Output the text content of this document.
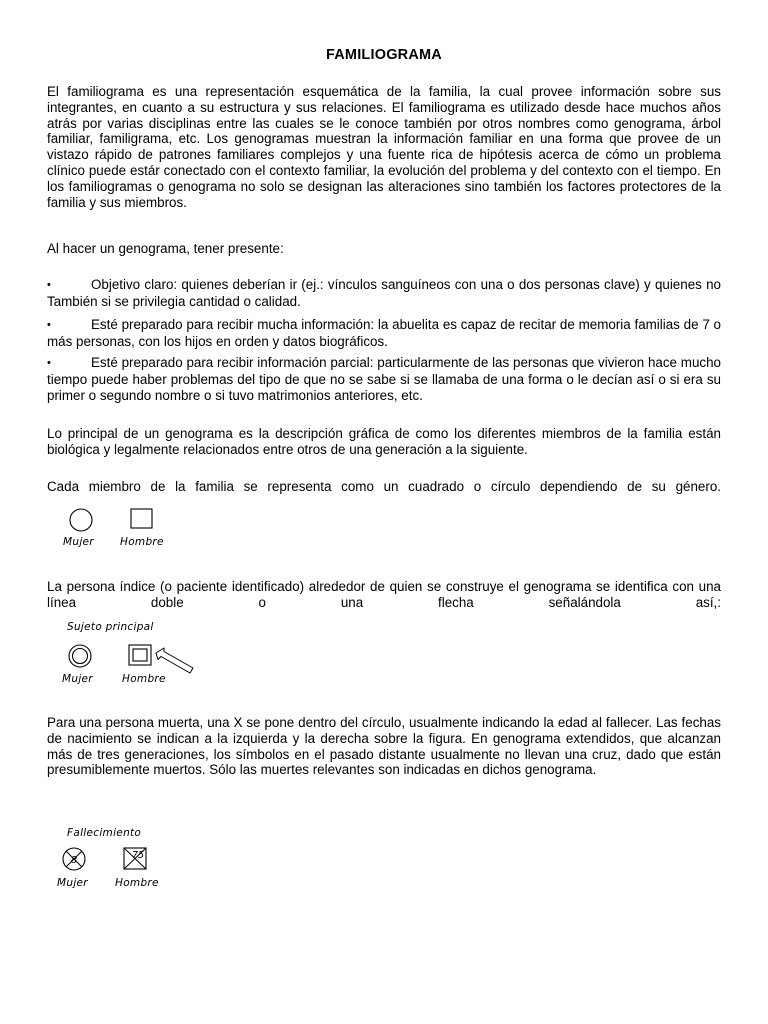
FAMILIOGRAMA

El familiograma es una representación esquemática de la familia, la cual provee información sobre sus integrantes, en cuanto a su estructura y sus relaciones. El familiograma es utilizado desde hace muchos años atrás por varias disciplinas entre las cuales se le conoce también por otros nombres como genograma, árbol familiar, familigrama, etc. Los genogramas muestran la información familiar en una forma que provee de un vistazo rápido de patrones familiares complejos y una fuente rica de hipótesis acerca de cómo un problema clínico puede estár conectado con el contexto familiar, la evolución del problema y del contexto con el tiempo. En los familiogramas o genograma no solo se designan las alteraciones sino también los factores protectores de la familia y sus miembros.

Al hacer un genograma, tener presente:

•	Objetivo claro: quienes deberían ir (ej.: vínculos sanguíneos con una o dos personas clave) y quienes no También si se privilegia cantidad o calidad.
•	Esté preparado para recibir mucha información: la abuelita es capaz de recitar de memoria familias de 7 o más personas, con los hijos en orden y datos biográficos.
•	Esté preparado para recibir información parcial: particularmente de las personas que vivieron hace mucho tiempo puede haber problemas del tipo de que no se sabe si se llamaba de una forma o le decían así o si era su primer o segundo nombre o si tuvo matrimonios anteriores, etc.

Lo principal de un genograma es la descripción gráfica de como los diferentes miembros de la familia están biológica y legalmente relacionados entre otros de una generación a la siguiente.

Cada miembro de la familia se representa como un cuadrado o círculo dependiendo de su género.

Mujer Hombre

La persona índice (o paciente identificado) alrededor de quien se construye el genograma se identifica con una línea doble o una flecha señalándola así,:

Sujeto principal
Mujer	Hombre

Para una persona muerta, una X se pone dentro del círculo, usualmente indicando la edad al fallecer. Las fechas de nacimiento se indican a la izquierda y la derecha sobre la figura. En genograma extendidos, que alcanzan más de tres generaciones, los símbolos en el pasado distante usualmente no llevan una cruz, dado que están presumiblemente muertos. Sólo las muertes relevantes son indicadas en dichos genograma.

Fallecimiento
8	75
Mujer	Hombre
